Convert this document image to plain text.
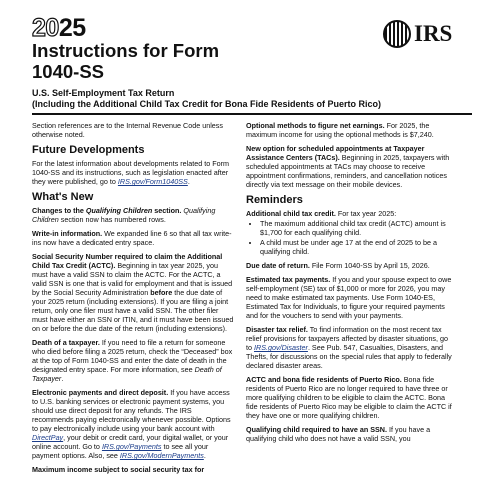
2025	IRS
Instructions for Form
1040-SS
U.S. Self-Employment Tax Return
(Including the Additional Child Tax Credit for Bona Fide Residents of Puerto Rico)

Section references are to the Internal Revenue Code unless otherwise noted.

Future Developments

For the latest information about developments related to Form 1040-SS and its instructions, such as legislation enacted after they were published, go to IRS.gov/Form1040SS.

What's New

Changes to the Qualifying Children section. Qualifying Children section now has numbered rows.

Write-in information. We expanded line 6 so that all tax write-ins now have a dedicated entry space.

Social Security Number required to claim the Additional Child Tax Credit (ACTC). Beginning in tax year 2025, you must have a valid SSN to claim the ACTC. For the ACTC, a valid SSN is one that is valid for employment and that is issued by the Social Security Administration before the due date of your 2025 return (including extensions). If you are filing a joint return, only one filer must have a valid SSN. The other filer must have either an SSN or ITIN, and it must have been issued on or before the due date of the return (including extensions).

Death of a taxpayer. If you need to file a return for someone who died before filing a 2025 return, check the “Deceased” box at the top of Form 1040-SS and enter the date of death in the designated entry space. For more information, see Death of Taxpayer.

Electronic payments and direct deposit. If you have access to U.S. banking services or electronic payment systems, you should use direct deposit for any refunds. The IRS recommends paying electronically whenever possible. Options to pay electronically include using your bank account with DirectPay, your debit or credit card, your digital wallet, or your online account. Go to IRS.gov/Payments to see all your payment options. Also, see IRS.gov/ModernPayments.

Maximum income subject to social security tax for

Optional methods to figure net earnings. For 2025, the maximum income for using the optional methods is $7,240.

New option for scheduled appointments at Taxpayer Assistance Centers (TACs). Beginning in 2025, taxpayers with scheduled appointments at TACs may choose to receive appointment confirmations, reminders, and cancellation notices directly via text message on their mobile devices.

Reminders

Additional child tax credit. For tax year 2025:

• The maximum additional child tax credit (ACTC) amount is $1,700 for each qualifying child.
• A child must be under age 17 at the end of 2025 to be a qualifying child.

Due date of return. File Form 1040-SS by April 15, 2026.

Estimated tax payments. If you and your spouse expect to owe self-employment (SE) tax of $1,000 or more for 2026, you may need to make estimated tax payments. Use Form 1040-ES, Estimated Tax for Individuals, to figure your required payments and for the vouchers to send with your payments.

Disaster tax relief. To find information on the most recent tax relief provisions for taxpayers affected by disaster situations, go to IRS.gov/Disaster. See Pub. 547, Casualties, Disasters, and Thefts, for discussions on the special rules that apply to federally declared disaster areas.

ACTC and bona fide residents of Puerto Rico. Bona fide residents of Puerto Rico are no longer required to have three or more qualifying children to be eligible to claim the ACTC. Bona fide residents of Puerto Rico may be eligible to claim the ACTC if they have one or more qualifying children.

Qualifying child required to have an SSN. If you have a qualifying child who does not have a valid SSN, you
